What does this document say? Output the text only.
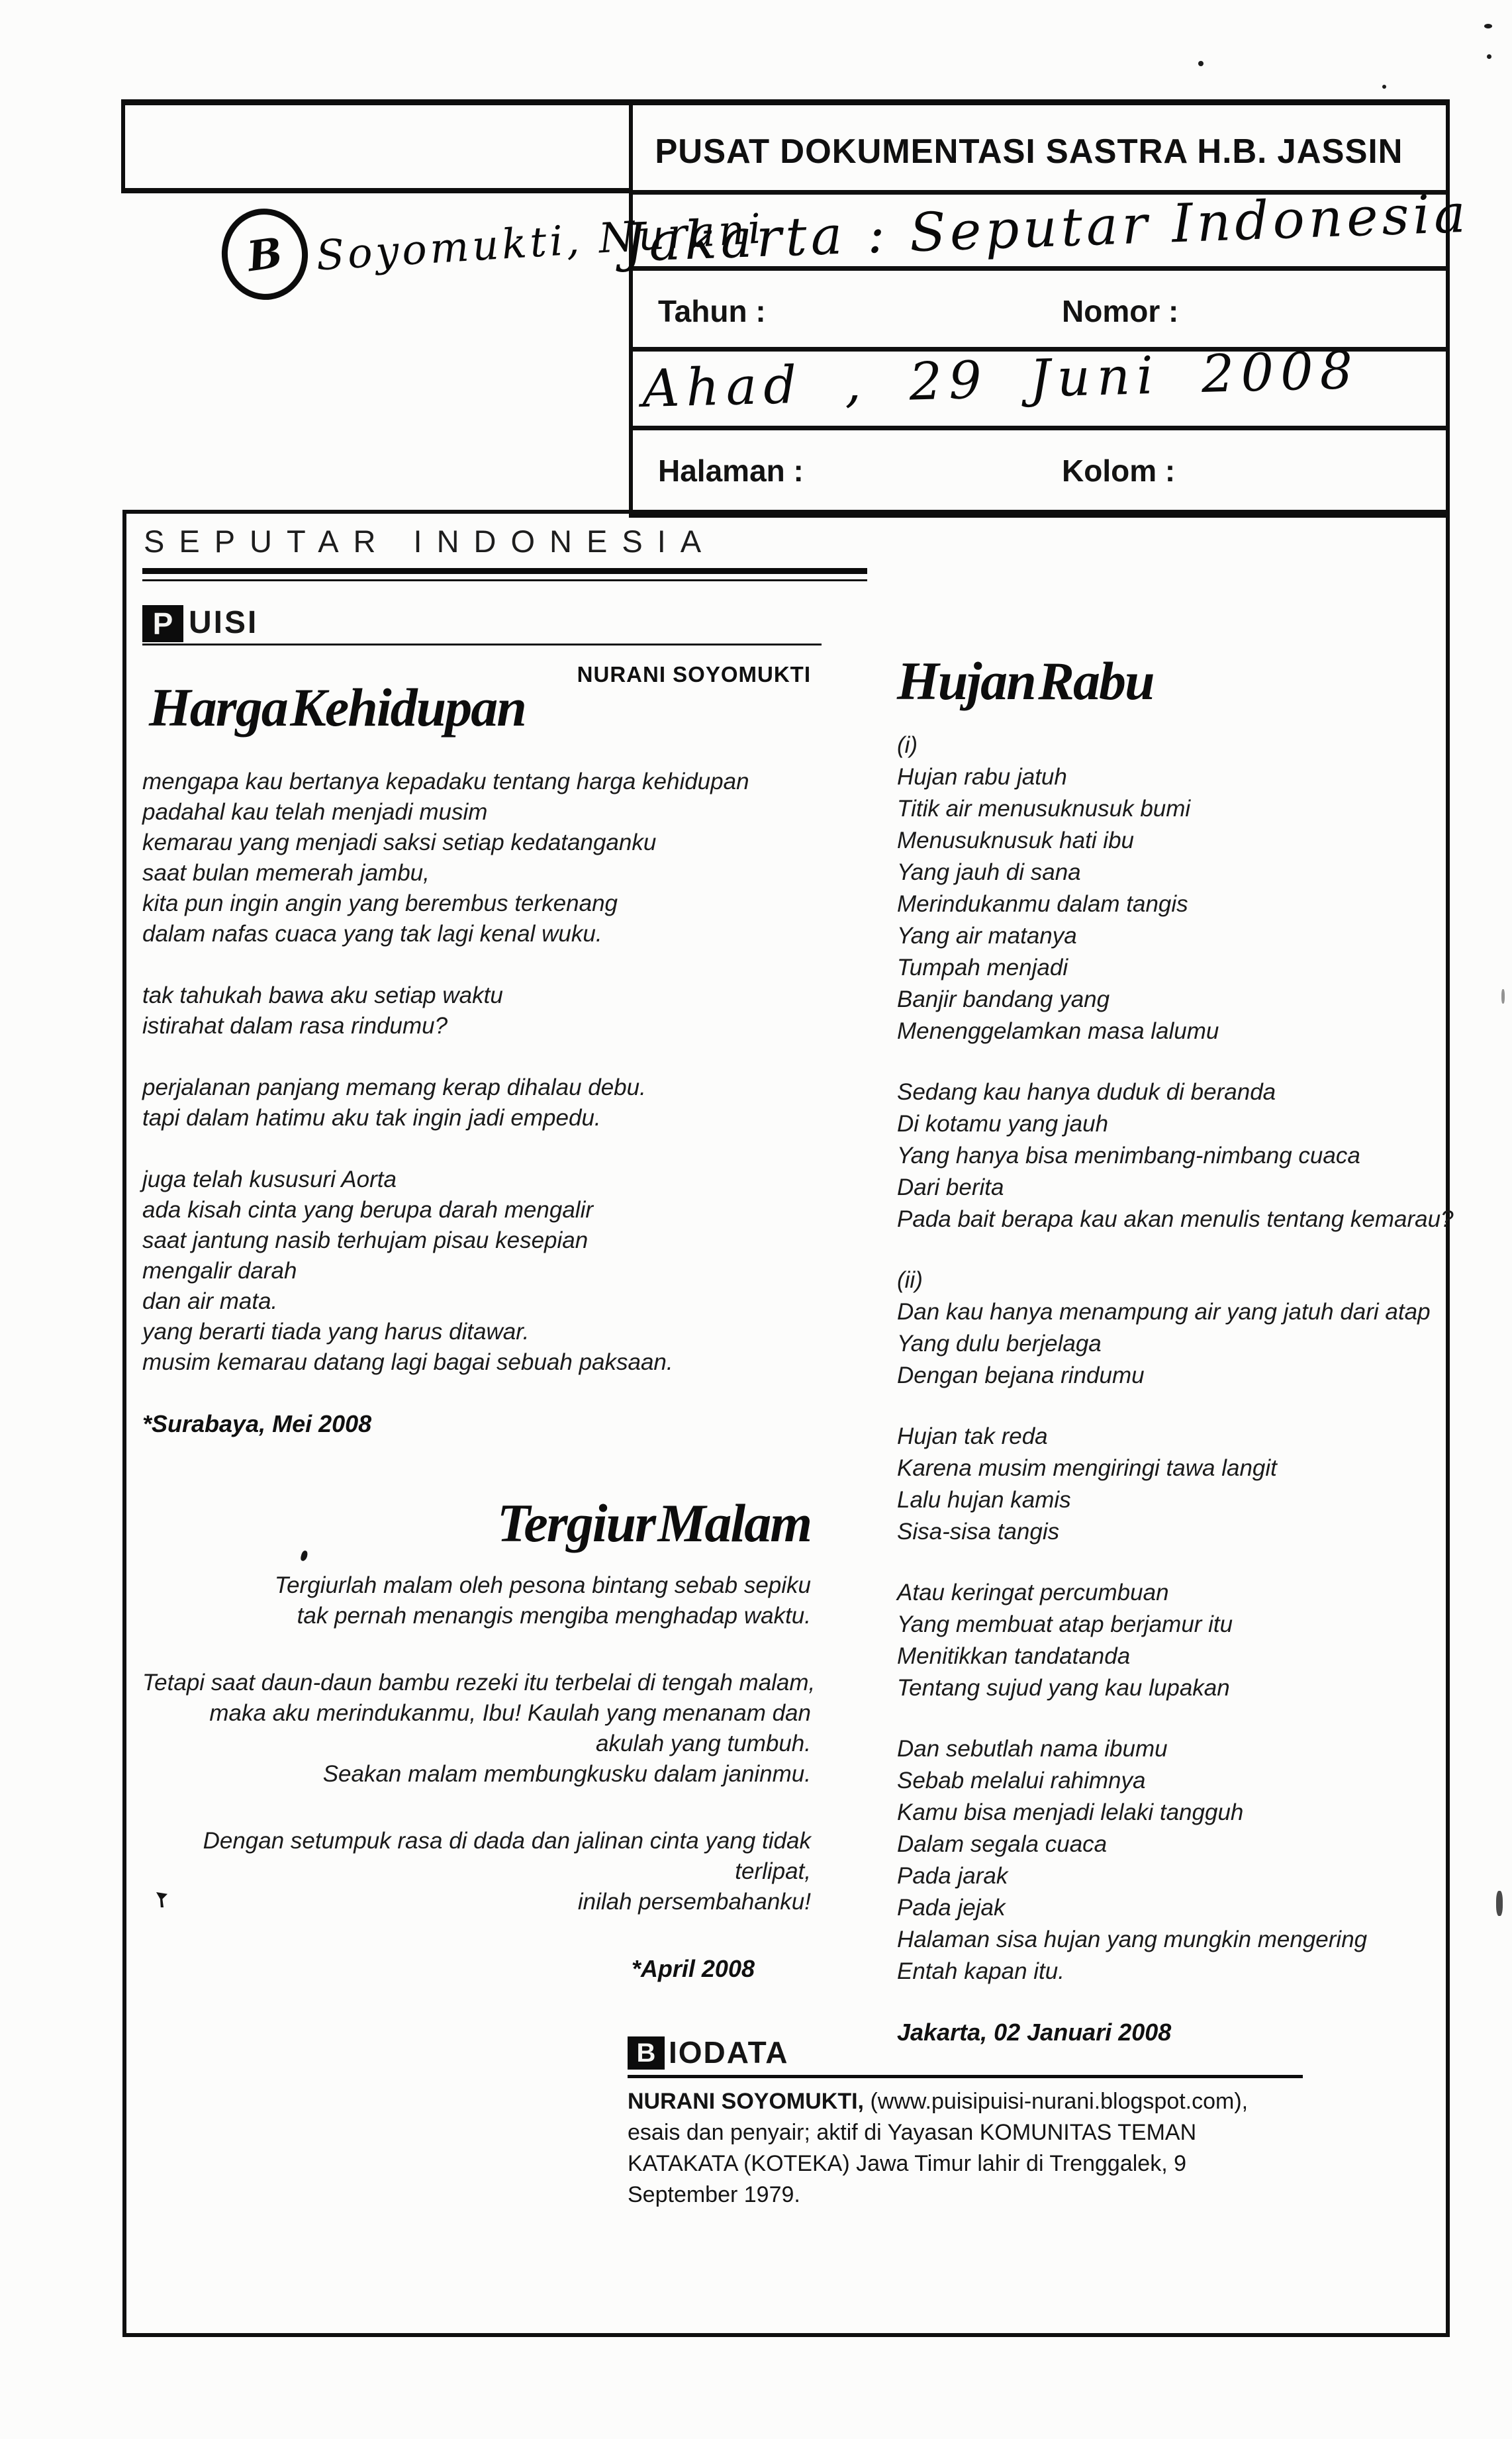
B Soyomukti, Nurani
PUSAT DOKUMENTASI SASTRA H.B. JASSIN
Jakarta : Seputar Indonesia
Tahun :	Nomor :
Ahad , 29 Juni 2008
Halaman :	Kolom :
SEPUTAR INDONESIA
P UISI
NURANI SOYOMUKTI
Harga Kehidupan
mengapa kau bertanya kepadaku tentang harga kehidupan
padahal kau telah menjadi musim
kemarau yang menjadi saksi setiap kedatanganku
saat bulan memerah jambu,
kita pun ingin angin yang berembus terkenang
dalam nafas cuaca yang tak lagi kenal wuku.
tak tahukah bawa aku setiap waktu
istirahat dalam rasa rindumu?
perjalanan panjang memang kerap dihalau debu.
tapi dalam hatimu aku tak ingin jadi empedu.
juga telah kususuri Aorta
ada kisah cinta yang berupa darah mengalir
saat jantung nasib terhujam pisau kesepian
mengalir darah
dan air mata.
yang berarti tiada yang harus ditawar.
musim kemarau datang lagi bagai sebuah paksaan.
*Surabaya, Mei 2008
Tergiur Malam
Tergiurlah malam oleh pesona bintang sebab sepiku
tak pernah menangis mengiba menghadap waktu.
Tetapi saat daun-daun bambu rezeki itu terbelai di tengah malam,
maka aku merindukanmu, Ibu! Kaulah yang menanam dan
akulah yang tumbuh.
Seakan malam membungkusku dalam janinmu.
Dengan setumpuk rasa di dada dan jalinan cinta yang tidak
terlipat,
inilah persembahanku!
*April 2008
Hujan Rabu
(i)
Hujan rabu jatuh
Titik air menusuknusuk bumi
Menusuknusuk hati ibu
Yang jauh di sana
Merindukanmu dalam tangis
Yang air matanya
Tumpah menjadi
Banjir bandang yang
Menenggelamkan masa lalumu
Sedang kau hanya duduk di beranda
Di kotamu yang jauh
Yang hanya bisa menimbang-nimbang cuaca
Dari berita
Pada bait berapa kau akan menulis tentang kemarau?
(ii)
Dan kau hanya menampung air yang jatuh dari atap
Yang dulu berjelaga
Dengan bejana rindumu
Hujan tak reda
Karena musim mengiringi tawa langit
Lalu hujan kamis
Sisa-sisa tangis
Atau keringat percumbuan
Yang membuat atap berjamur itu
Menitikkan tandatanda
Tentang sujud yang kau lupakan
Dan sebutlah nama ibumu
Sebab melalui rahimnya
Kamu bisa menjadi lelaki tangguh
Dalam segala cuaca
Pada jarak
Pada jejak
Halaman sisa hujan yang mungkin mengering
Entah kapan itu.
Jakarta, 02 Januari 2008
B IODATA
NURANI SOYOMUKTI, (www.puisipuisi-nurani.blogspot.com),
esais dan penyair; aktif di Yayasan KOMUNITAS TEMAN
KATAKATA (KOTEKA) Jawa Timur lahir di Trenggalek, 9
September 1979.
